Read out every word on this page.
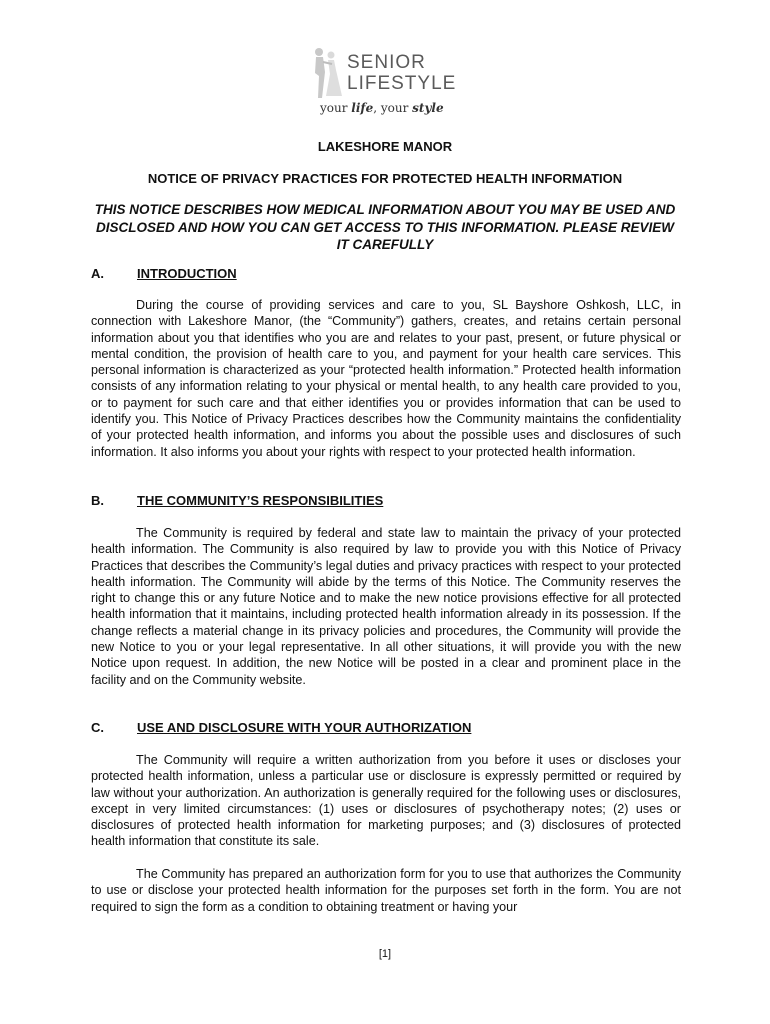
SENIOR
LIFESTYLE
your life, your style
LAKESHORE MANOR
NOTICE OF PRIVACY PRACTICES FOR PROTECTED HEALTH INFORMATION
THIS NOTICE DESCRIBES HOW MEDICAL INFORMATION ABOUT YOU MAY BE USED AND DISCLOSED AND HOW YOU CAN GET ACCESS TO THIS INFORMATION. PLEASE REVIEW IT CAREFULLY
A.	INTRODUCTION

During the course of providing services and care to you, SL Bayshore Oshkosh, LLC, in connection with Lakeshore Manor, (the “Community”) gathers, creates, and retains certain personal information about you that identifies who you are and relates to your past, present, or future physical or mental condition, the provision of health care to you, and payment for your health care services. This personal information is characterized as your “protected health information.” Protected health information consists of any information relating to your physical or mental health, to any health care provided to you, or to payment for such care and that either identifies you or provides information that can be used to identify you. This Notice of Privacy Practices describes how the Community maintains the confidentiality of your protected health information, and informs you about the possible uses and disclosures of such information. It also informs you about your rights with respect to your protected health information.

B.	THE COMMUNITY’S RESPONSIBILITIES

The Community is required by federal and state law to maintain the privacy of your protected health information. The Community is also required by law to provide you with this Notice of Privacy Practices that describes the Community’s legal duties and privacy practices with respect to your protected health information. The Community will abide by the terms of this Notice. The Community reserves the right to change this or any future Notice and to make the new notice provisions effective for all protected health information that it maintains, including protected health information already in its possession. If the change reflects a material change in its privacy policies and procedures, the Community will provide the new Notice to you or your legal representative. In all other situations, it will provide you with the new Notice upon request. In addition, the new Notice will be posted in a clear and prominent place in the facility and on the Community website.

C.	USE AND DISCLOSURE WITH YOUR AUTHORIZATION

The Community will require a written authorization from you before it uses or discloses your protected health information, unless a particular use or disclosure is expressly permitted or required by law without your authorization. An authorization is generally required for the following uses or disclosures, except in very limited circumstances: (1) uses or disclosures of psychotherapy notes; (2) uses or disclosures of protected health information for marketing purposes; and (3) disclosures of protected health information that constitute its sale.

The Community has prepared an authorization form for you to use that authorizes the Community to use or disclose your protected health information for the purposes set forth in the form. You are not required to sign the form as a condition to obtaining treatment or having your

[1]
